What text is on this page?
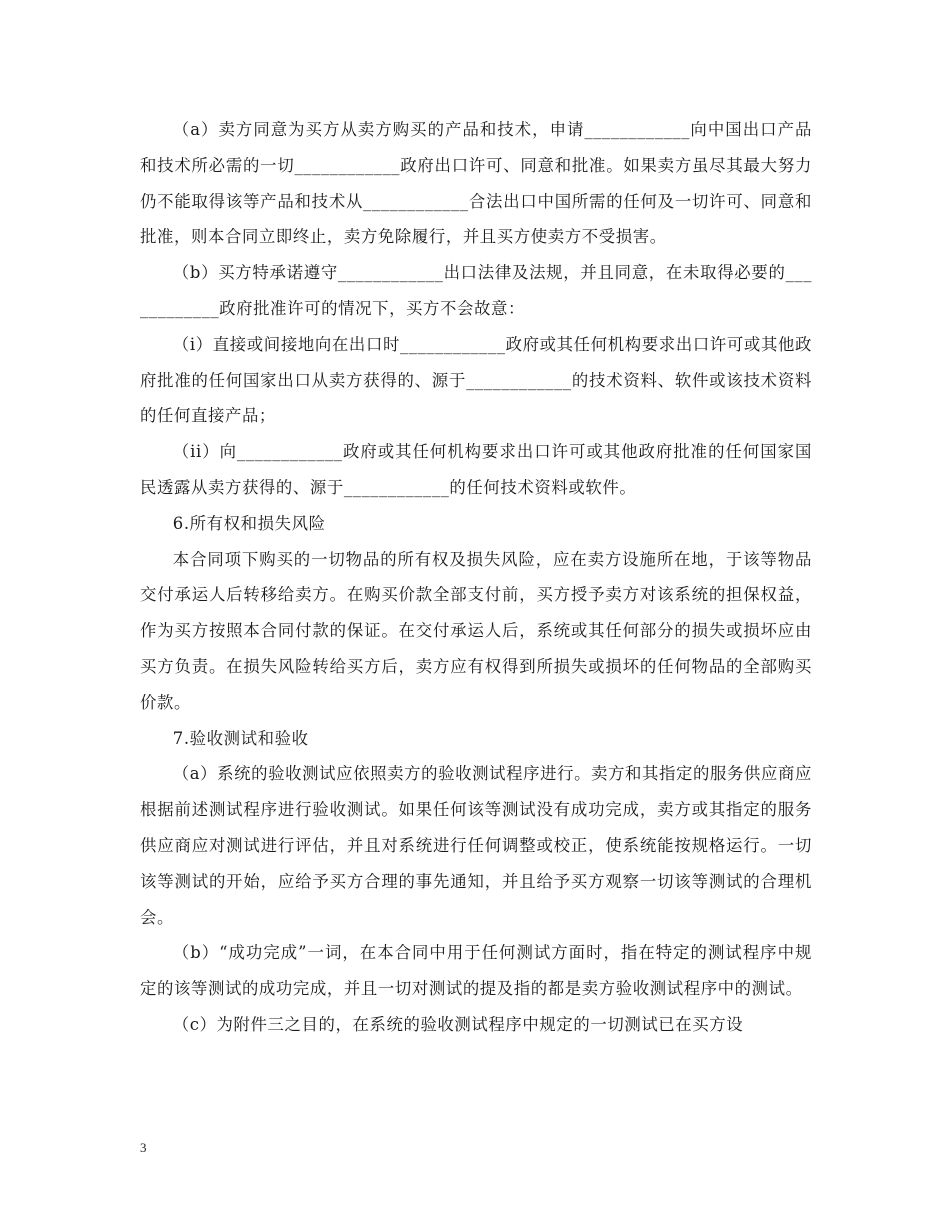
（a）卖方同意为买方从卖方购买的产品和技术，申请____________向中国出口产品和技术所必需的一切____________政府出口许可、同意和批准。如果卖方虽尽其最大努力仍不能取得该等产品和技术从____________合法出口中国所需的任何及一切许可、同意和批准，则本合同立即终止，卖方免除履行，并且买方使卖方不受损害。

（b）买方特承诺遵守____________出口法律及法规，并且同意，在未取得必要的____________政府批准许可的情况下，买方不会故意：

（i）直接或间接地向在出口时____________政府或其任何机构要求出口许可或其他政府批准的任何国家出口从卖方获得的、源于____________的技术资料、软件或该技术资料的任何直接产品；

（ii）向____________政府或其任何机构要求出口许可或其他政府批准的任何国家国民透露从卖方获得的、源于____________的任何技术资料或软件。

6.所有权和损失风险

本合同项下购买的一切物品的所有权及损失风险，应在卖方设施所在地，于该等物品交付承运人后转移给卖方。在购买价款全部支付前，买方授予卖方对该系统的担保权益，作为买方按照本合同付款的保证。在交付承运人后，系统或其任何部分的损失或损坏应由买方负责。在损失风险转给买方后，卖方应有权得到所损失或损坏的任何物品的全部购买价款。

7.验收测试和验收

（a）系统的验收测试应依照卖方的验收测试程序进行。卖方和其指定的服务供应商应根据前述测试程序进行验收测试。如果任何该等测试没有成功完成，卖方或其指定的服务供应商应对测试进行评估，并且对系统进行任何调整或校正，使系统能按规格运行。一切该等测试的开始，应给予买方合理的事先通知，并且给予买方观察一切该等测试的合理机会。

（b）“成功完成”一词，在本合同中用于任何测试方面时，指在特定的测试程序中规定的该等测试的成功完成，并且一切对测试的提及指的都是卖方验收测试程序中的测试。

（c）为附件三之目的，在系统的验收测试程序中规定的一切测试已在买方设

3
